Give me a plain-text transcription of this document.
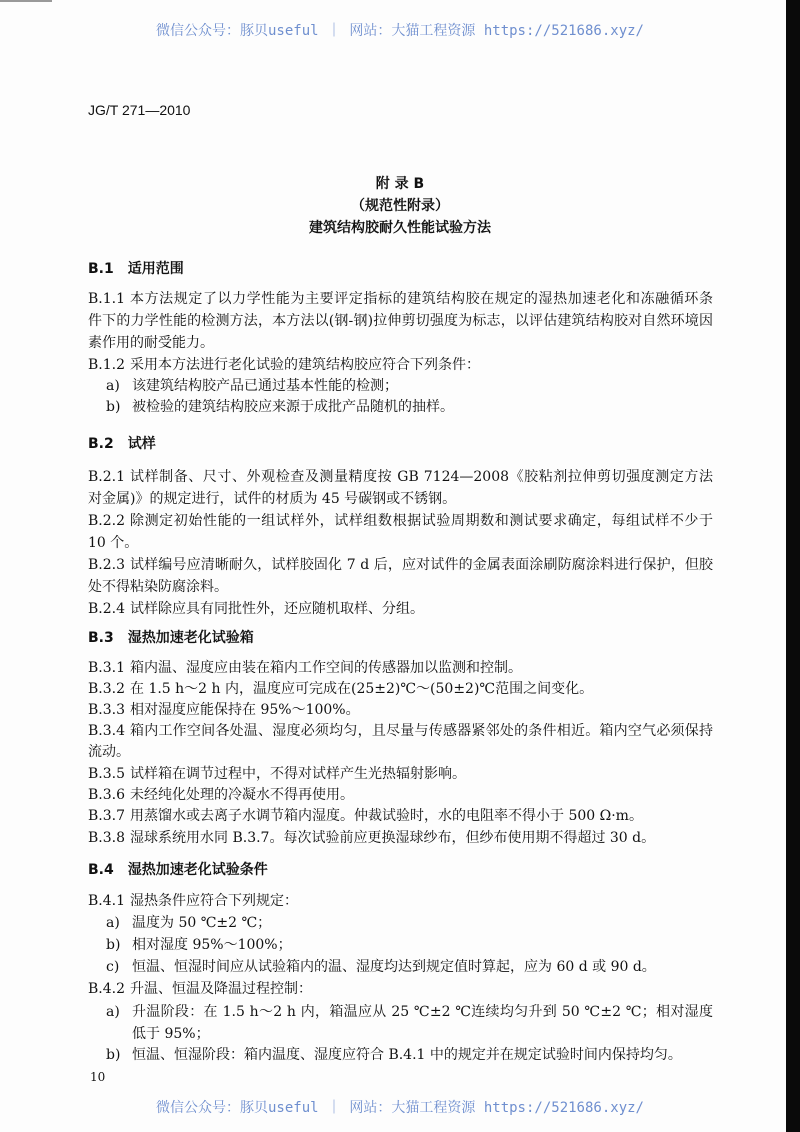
微信公众号：豚贝useful ｜ 网站：大猫工程资源 https://521686.xyz/
JG/T 271—2010
附 录 B
（规范性附录）
建筑结构胶耐久性能试验方法
B.1　适用范围
B.1.1 本方法规定了以力学性能为主要评定指标的建筑结构胶在规定的湿热加速老化和冻融循环条
件下的力学性能的检测方法，本方法以(钢-钢)拉伸剪切强度为标志，以评估建筑结构胶对自然环境因
素作用的耐受能力。
B.1.2 采用本方法进行老化试验的建筑结构胶应符合下列条件：
a) 该建筑结构胶产品已通过基本性能的检测；
b) 被检验的建筑结构胶应来源于成批产品随机的抽样。
B.2　试样
B.2.1 试样制备、尺寸、外观检查及测量精度按 GB 7124—2008《胶粘剂拉伸剪切强度测定方法
对金属)》的规定进行，试件的材质为 45 号碳钢或不锈钢。
B.2.2 除测定初始性能的一组试样外，试样组数根据试验周期数和测试要求确定，每组试样不少于
10 个。
B.2.3 试样编号应清晰耐久，试样胶固化 7 d 后，应对试件的金属表面涂刷防腐涂料进行保护，但胶
处不得粘染防腐涂料。
B.2.4 试样除应具有同批性外，还应随机取样、分组。
B.3　湿热加速老化试验箱
B.3.1 箱内温、湿度应由装在箱内工作空间的传感器加以监测和控制。
B.3.2 在 1.5 h～2 h 内，温度应可完成在(25±2)℃～(50±2)℃范围之间变化。
B.3.3 相对湿度应能保持在 95%～100%。
B.3.4 箱内工作空间各处温、湿度必须均匀，且尽量与传感器紧邻处的条件相近。箱内空气必须保持
流动。
B.3.5 试样箱在调节过程中，不得对试样产生光热辐射影响。
B.3.6 未经纯化处理的冷凝水不得再使用。
B.3.7 用蒸馏水或去离子水调节箱内湿度。仲裁试验时，水的电阻率不得小于 500 Ω·m。
B.3.8 湿球系统用水同 B.3.7。每次试验前应更换湿球纱布，但纱布使用期不得超过 30 d。
B.4　湿热加速老化试验条件
B.4.1 湿热条件应符合下列规定：
a) 温度为 50 ℃±2 ℃；
b) 相对湿度 95%～100%；
c) 恒温、恒湿时间应从试验箱内的温、湿度均达到规定值时算起，应为 60 d 或 90 d。
B.4.2 升温、恒温及降温过程控制：
a) 升温阶段：在 1.5 h～2 h 内，箱温应从 25 ℃±2 ℃连续均匀升到 50 ℃±2 ℃；相对湿度
低于 95%；
b) 恒温、恒湿阶段：箱内温度、湿度应符合 B.4.1 中的规定并在规定试验时间内保持均匀。
10
微信公众号：豚贝useful ｜ 网站：大猫工程资源 https://521686.xyz/
